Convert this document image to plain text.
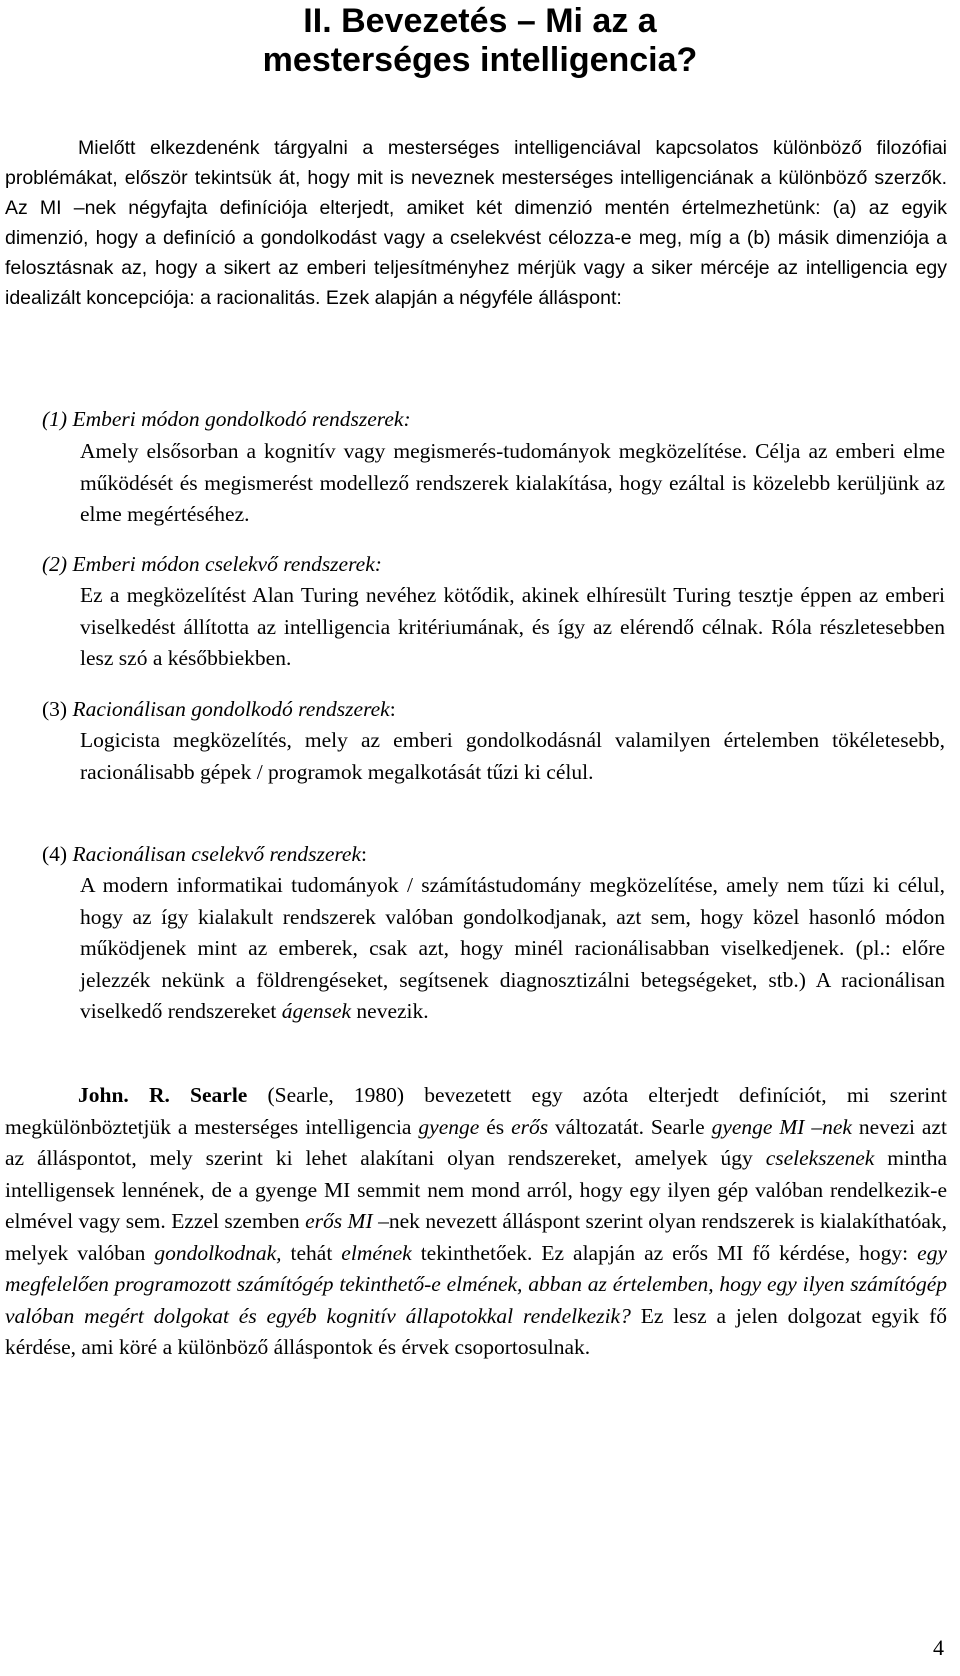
II. Bevezetés – Mi az a
mesterséges intelligencia?

Mielőtt elkezdenénk tárgyalni a mesterséges intelligenciával kapcsolatos különböző filozófiai problémákat, először tekintsük át, hogy mit is neveznek mesterséges intelligenciának a különböző szerzők. Az MI –nek négyfajta definíciója elterjedt, amiket két dimenzió mentén értelmezhetünk: (a) az egyik dimenzió, hogy a definíció a gondolkodást vagy a cselekvést célozza-e meg, míg a (b) másik dimenziója a felosztásnak az, hogy a sikert az emberi teljesítményhez mérjük vagy a siker mércéje az intelligencia egy idealizált koncepciója: a racionalitás. Ezek alapján a négyféle álláspont:

(1) Emberi módon gondolkodó rendszerek:

Amely elsősorban a kognitív vagy megismerés-tudományok megközelítése. Célja az emberi elme működését és megismerést modellező rendszerek kialakítása, hogy ezáltal is közelebb kerüljünk az elme megértéséhez.

(2) Emberi módon cselekvő rendszerek:

Ez a megközelítést Alan Turing nevéhez kötődik, akinek elhíresült Turing tesztje éppen az emberi viselkedést állította az intelligencia kritériumának, és így az elérendő célnak. Róla részletesebben lesz szó a későbbiekben.

(3) Racionálisan gondolkodó rendszerek:

Logicista megközelítés, mely az emberi gondolkodásnál valamilyen értelemben tökéletesebb, racionálisabb gépek / programok megalkotását tűzi ki célul.

(4) Racionálisan cselekvő rendszerek:

A modern informatikai tudományok / számítástudomány megközelítése, amely nem tűzi ki célul, hogy az így kialakult rendszerek valóban gondolkodjanak, azt sem, hogy közel hasonló módon működjenek mint az emberek, csak azt, hogy minél racionálisabban viselkedjenek. (pl.: előre jelezzék nekünk a földrengéseket, segítsenek diagnosztizálni betegségeket, stb.) A racionálisan viselkedő rendszereket ágensek nevezik.

John. R. Searle (Searle, 1980) bevezetett egy azóta elterjedt definíciót, mi szerint megkülönböztetjük a mesterséges intelligencia gyenge és erős változatát. Searle gyenge MI –nek nevezi azt az álláspontot, mely szerint ki lehet alakítani olyan rendszereket, amelyek úgy cselekszenek mintha intelligensek lennének, de a gyenge MI semmit nem mond arról, hogy egy ilyen gép valóban rendelkezik-e elmével vagy sem. Ezzel szemben erős MI –nek nevezett álláspont szerint olyan rendszerek is kialakíthatóak, melyek valóban gondolkodnak, tehát elmének tekinthetőek. Ez alapján az erős MI fő kérdése, hogy: egy megfelelően programozott számítógép tekinthető-e elmének, abban az értelemben, hogy egy ilyen számítógép valóban megért dolgokat és egyéb kognitív állapotokkal rendelkezik? Ez lesz a jelen dolgozat egyik fő kérdése, ami köré a különböző álláspontok és érvek csoportosulnak.

4
